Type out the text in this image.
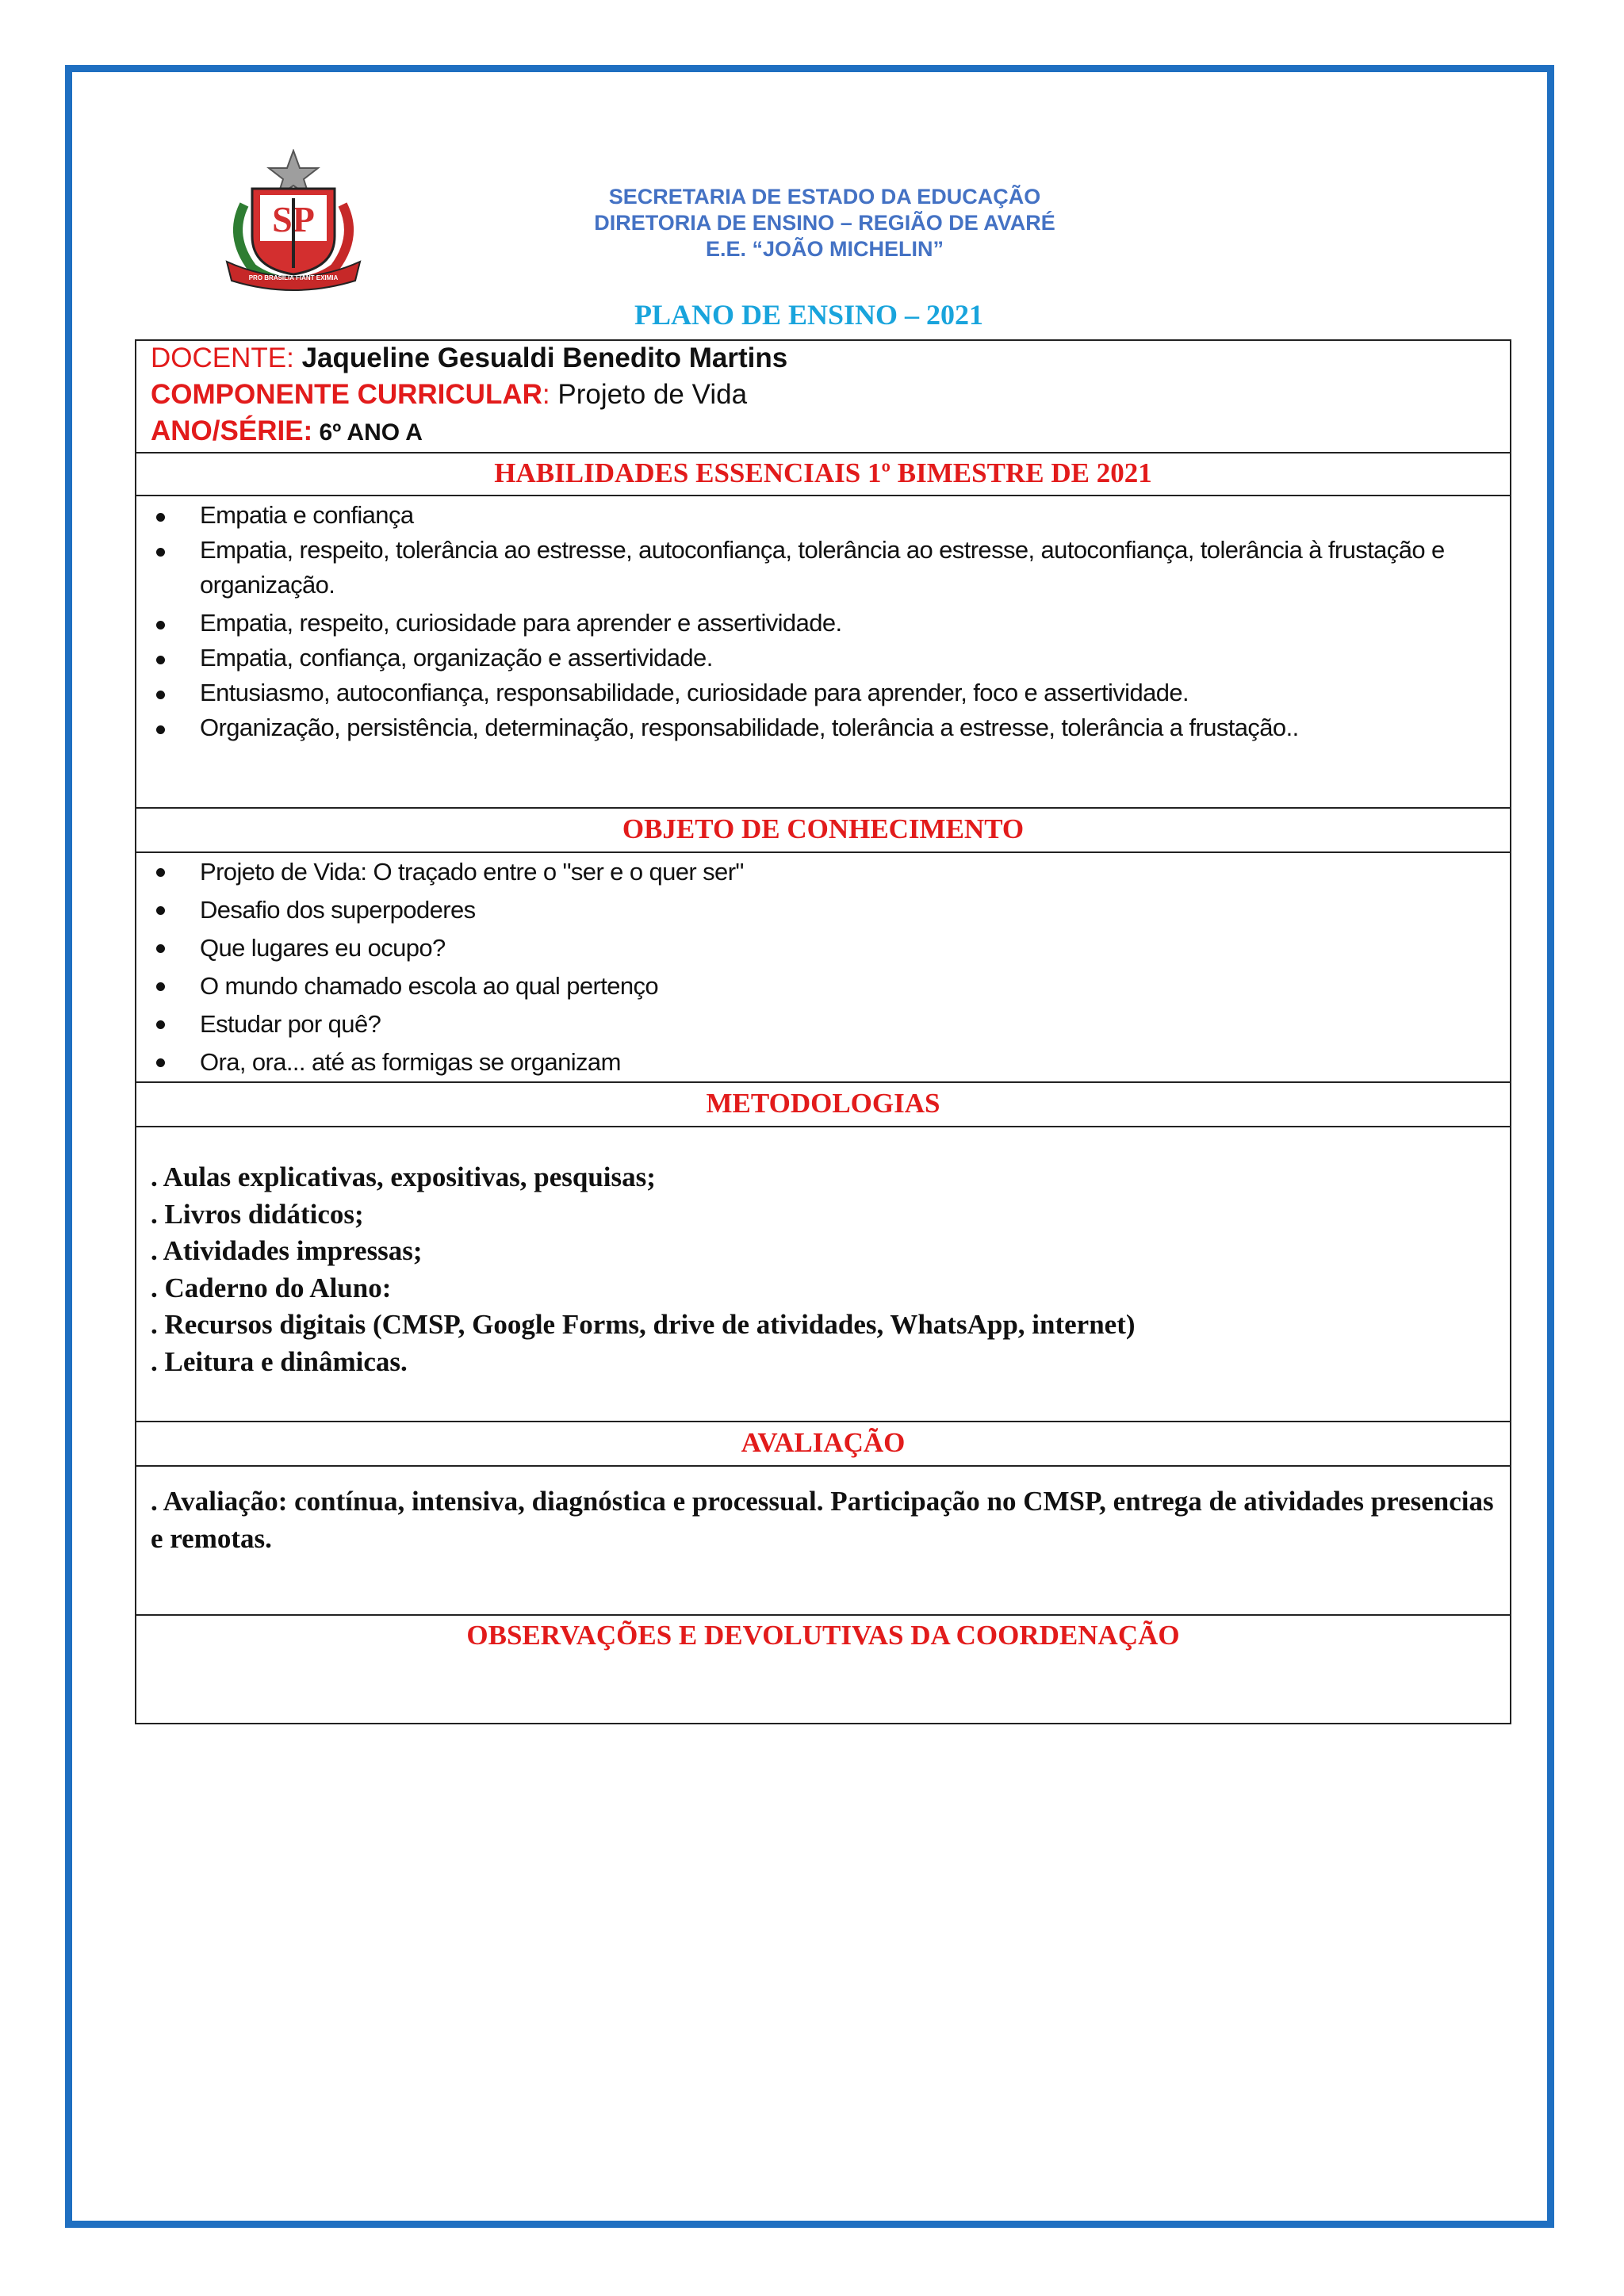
SP
PRO BRASILIA FIANT EXIMIA
SECRETARIA DE ESTADO DA EDUCAÇÃO
DIRETORIA DE ENSINO – REGIÃO DE AVARÉ
E.E. “JOÃO MICHELIN”
PLANO DE ENSINO – 2021
DOCENTE: Jaqueline Gesualdi Benedito Martins
COMPONENTE CURRICULAR: Projeto de Vida
ANO/SÉRIE: 6º ANO A
HABILIDADES ESSENCIAIS 1º BIMESTRE DE 2021
Empatia e confiança
Empatia, respeito, tolerância ao estresse, autoconfiança, tolerância ao estresse, autoconfiança, tolerância à frustação e organização.
Empatia, respeito, curiosidade para aprender e assertividade.
Empatia, confiança, organização e assertividade.
Entusiasmo, autoconfiança, responsabilidade, curiosidade para aprender, foco e assertividade.
Organização, persistência, determinação, responsabilidade, tolerância a estresse, tolerância a frustação..
OBJETO DE CONHECIMENTO
Projeto de Vida: O traçado entre o "ser e o quer ser"
Desafio dos superpoderes
Que lugares eu ocupo?
O mundo chamado escola ao qual pertenço
Estudar por quê?
Ora, ora... até as formigas se organizam
METODOLOGIAS
. Aulas explicativas, expositivas, pesquisas;
. Livros didáticos;
. Atividades impressas;
. Caderno do Aluno:
. Recursos digitais (CMSP, Google Forms, drive de atividades, WhatsApp, internet)
. Leitura e dinâmicas.
AVALIAÇÃO
. Avaliação: contínua, intensiva, diagnóstica e processual. Participação no CMSP, entrega de atividades presencias e remotas.
OBSERVAÇÕES E DEVOLUTIVAS DA COORDENAÇÃO
